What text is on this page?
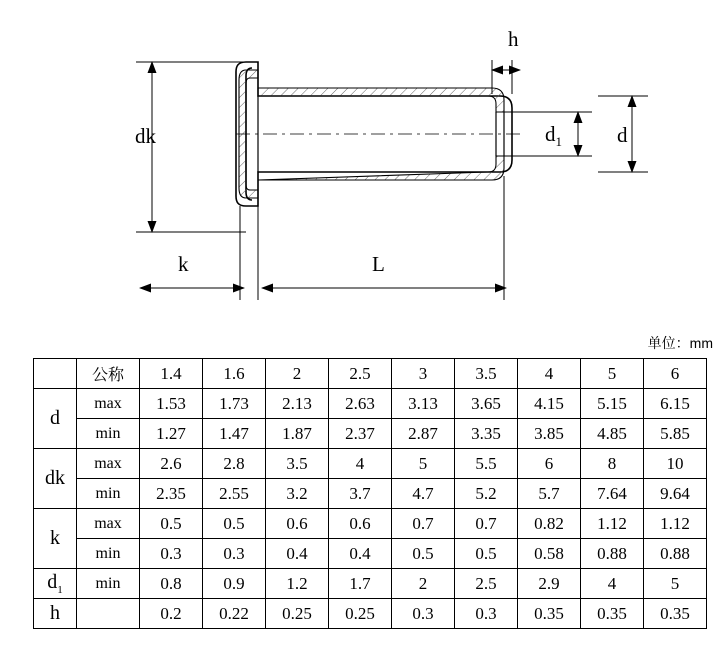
dk	$d_1$	d
h
k	L
单位：mm
	公称	1.4	1.6	2	2.5	3	3.5	4	5	6
d	max	1.53	1.73	2.13	2.63	3.13	3.65	4.15	5.15	6.15
	min	1.27	1.47	1.87	2.37	2.87	3.35	3.85	4.85	5.85
dk	max	2.6	2.8	3.5	4	5	5.5	6	8	10
	min	2.35	2.55	3.2	3.7	4.7	5.2	5.7	7.64	9.64
k	max	0.5	0.5	0.6	0.6	0.7	0.7	0.82	1.12	1.12
	min	0.3	0.3	0.4	0.4	0.5	0.5	0.58	0.88	0.88
$d_1$	min	0.8	0.9	1.2	1.7	2	2.5	2.9	4	5
h		0.2	0.22	0.25	0.25	0.3	0.3	0.35	0.35	0.35
